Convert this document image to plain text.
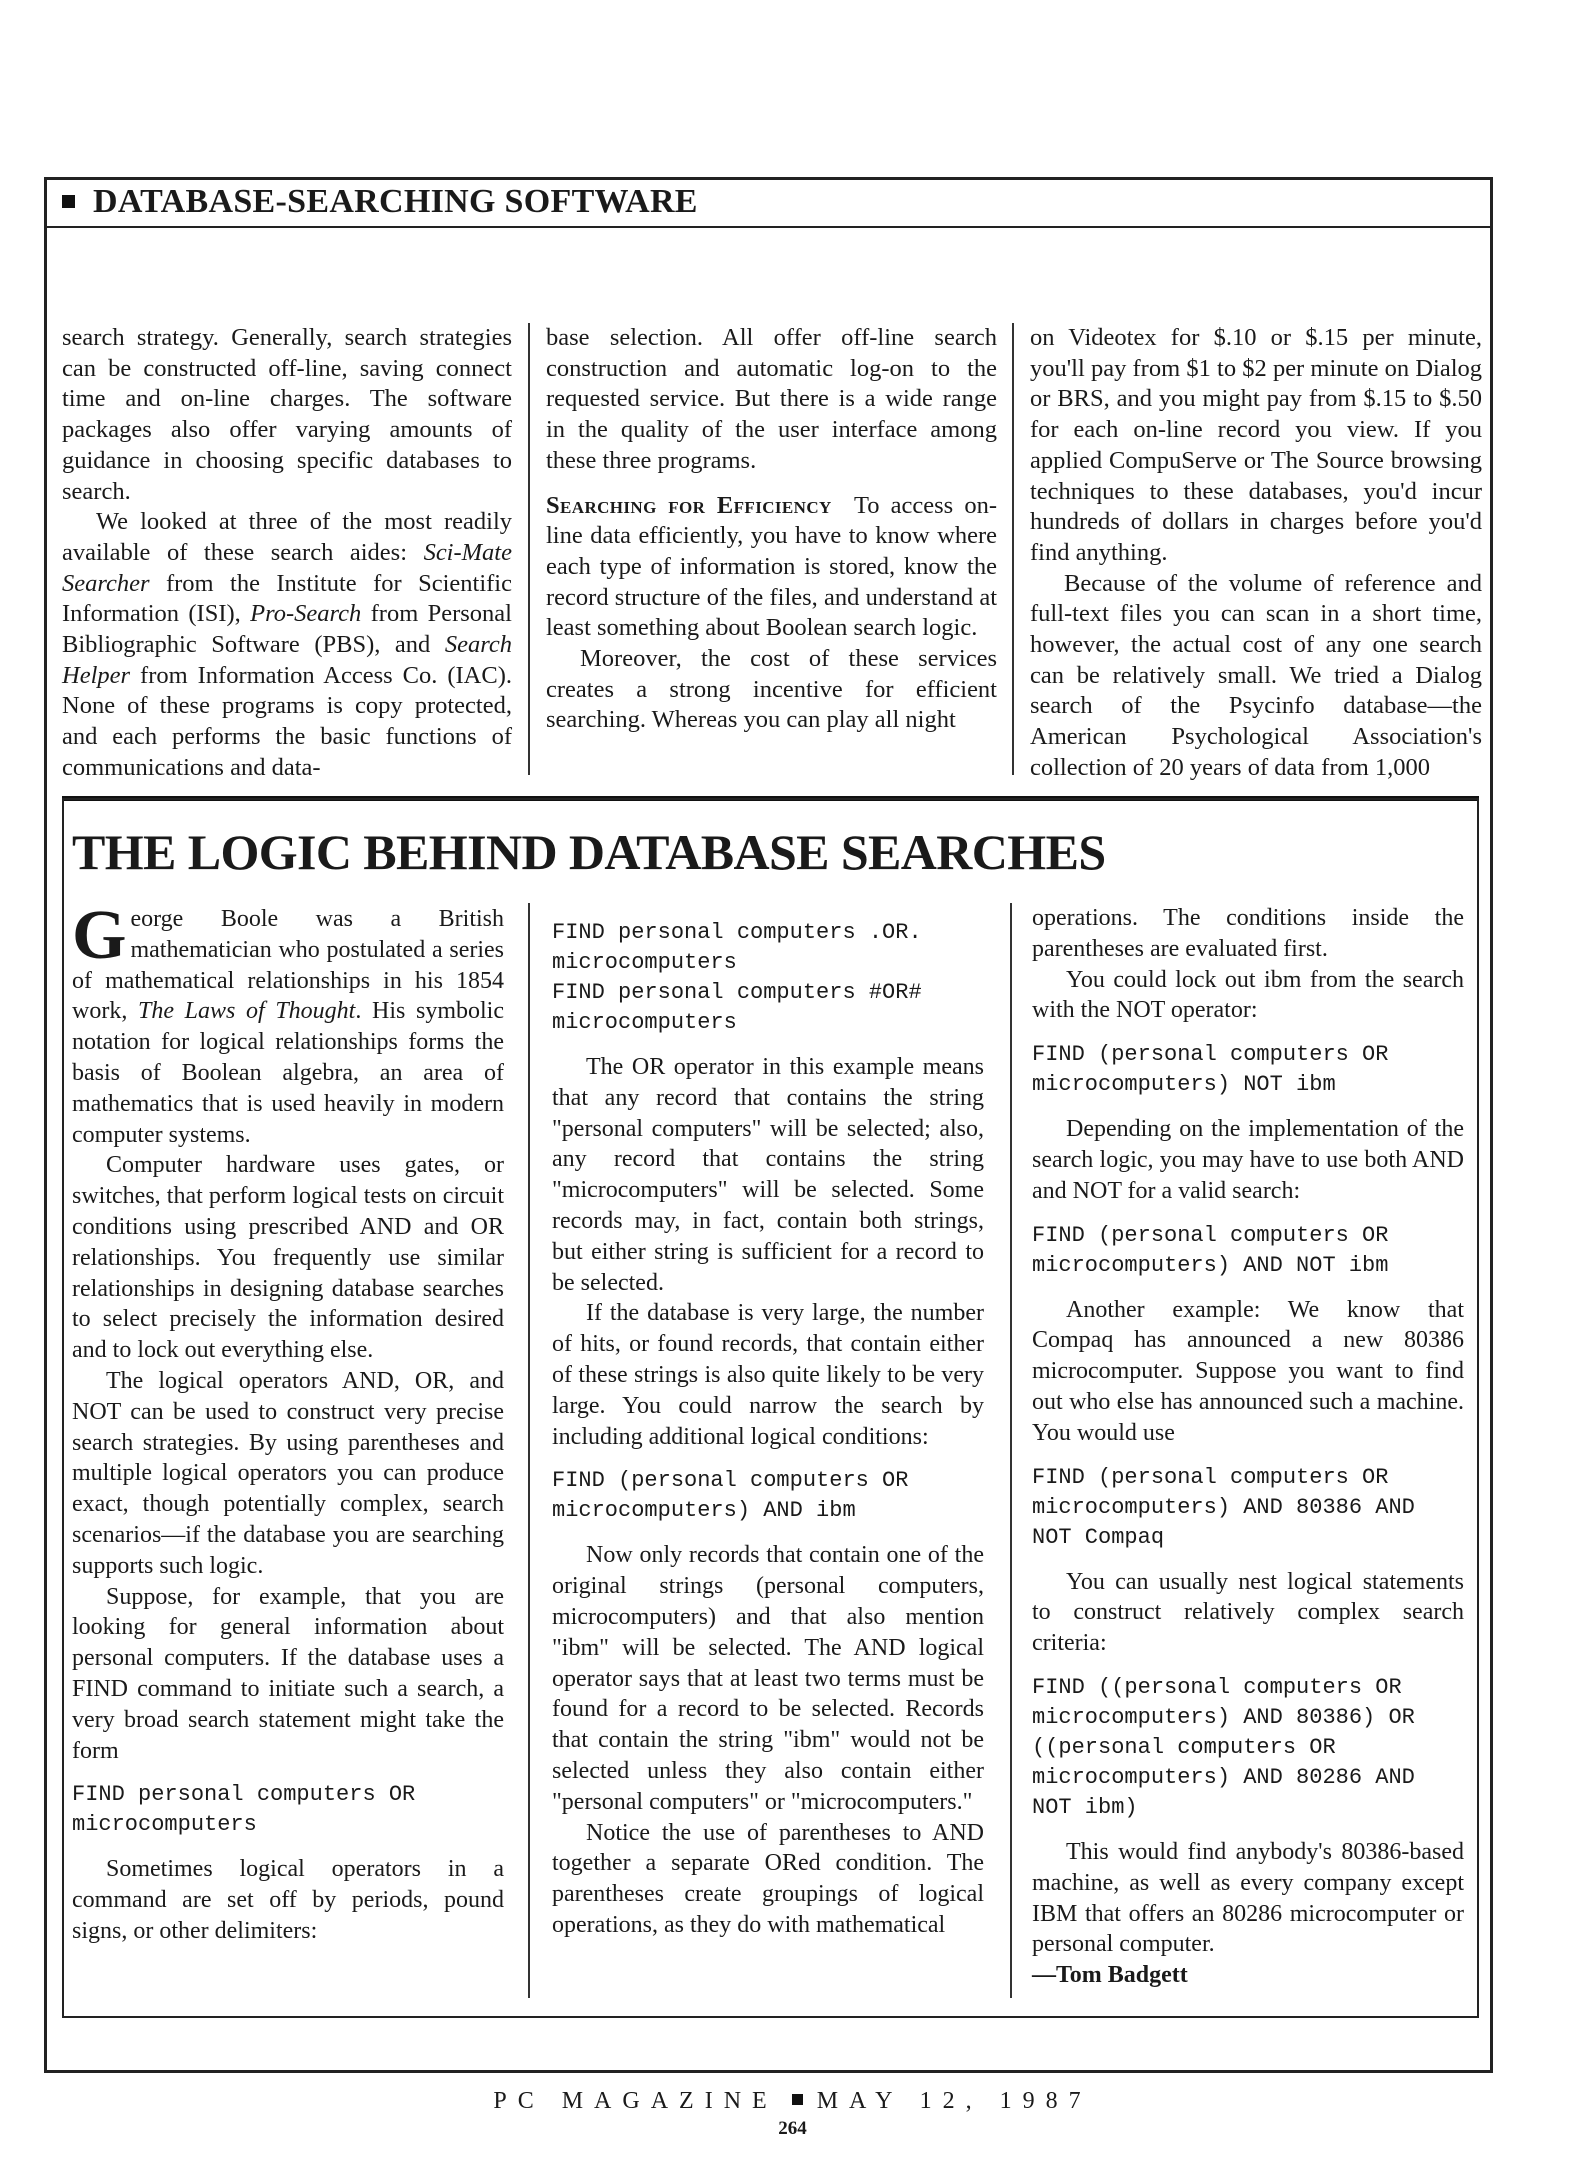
DATABASE-SEARCHING SOFTWARE

search strategy. Generally, search strategies can be constructed off-line, saving connect time and on-line charges. The software packages also offer varying amounts of guidance in choosing specific databases to search.

We looked at three of the most readily available of these search aides: Sci-Mate Searcher from the Institute for Scientific Information (ISI), Pro-Search from Personal Bibliographic Software (PBS), and Search Helper from Information Access Co. (IAC). None of these programs is copy protected, and each performs the basic functions of communications and data-

base selection. All offer off-line search construction and automatic log-on to the requested service. But there is a wide range in the quality of the user interface among these three programs.

Searching for Efficiency To access on-line data efficiently, you have to know where each type of information is stored, know the record structure of the files, and understand at least something about Boolean search logic.

Moreover, the cost of these services creates a strong incentive for efficient searching. Whereas you can play all night

on Videotex for $.10 or $.15 per minute, you'll pay from $1 to $2 per minute on Dialog or BRS, and you might pay from $.15 to $.50 for each on-line record you view. If you applied CompuServe or The Source browsing techniques to these databases, you'd incur hundreds of dollars in charges before you'd find anything.

Because of the volume of reference and full-text files you can scan in a short time, however, the actual cost of any one search can be relatively small. We tried a Dialog search of the Psycinfo database—the American Psychological Association's collection of 20 years of data from 1,000

THE LOGIC BEHIND DATABASE SEARCHES

George Boole was a British mathematician who postulated a series of mathematical relationships in his 1854 work, The Laws of Thought. His symbolic notation for logical relationships forms the basis of Boolean algebra, an area of mathematics that is used heavily in modern computer systems.

Computer hardware uses gates, or switches, that perform logical tests on circuit conditions using prescribed AND and OR relationships. You frequently use similar relationships in designing database searches to select precisely the information desired and to lock out everything else.

The logical operators AND, OR, and NOT can be used to construct very precise search strategies. By using parentheses and multiple logical operators you can produce exact, though potentially complex, search scenarios—if the database you are searching supports such logic.

Suppose, for example, that you are looking for general information about personal computers. If the database uses a FIND command to initiate such a search, a very broad search statement might take the form

FIND personal computers OR
microcomputers

Sometimes logical operators in a command are set off by periods, pound signs, or other delimiters:

FIND personal computers .OR.
microcomputers
FIND personal computers #OR#
microcomputers

The OR operator in this example means that any record that contains the string "personal computers" will be selected; also, any record that contains the string "microcomputers" will be selected. Some records may, in fact, contain both strings, but either string is sufficient for a record to be selected.

If the database is very large, the number of hits, or found records, that contain either of these strings is also quite likely to be very large. You could narrow the search by including additional logical conditions:

FIND (personal computers OR
microcomputers) AND ibm

Now only records that contain one of the original strings (personal computers, microcomputers) and that also mention "ibm" will be selected. The AND logical operator says that at least two terms must be found for a record to be selected. Records that contain the string "ibm" would not be selected unless they also contain either "personal computers" or "microcomputers."

Notice the use of parentheses to AND together a separate ORed condition. The parentheses create groupings of logical operations, as they do with mathematical

operations. The conditions inside the parentheses are evaluated first.

You could lock out ibm from the search with the NOT operator:

FIND (personal computers OR
microcomputers) NOT ibm

Depending on the implementation of the search logic, you may have to use both AND and NOT for a valid search:

FIND (personal computers OR
microcomputers) AND NOT ibm

Another example: We know that Compaq has announced a new 80386 microcomputer. Suppose you want to find out who else has announced such a machine. You would use

FIND (personal computers OR
microcomputers) AND 80386 AND
NOT Compaq

You can usually nest logical statements to construct relatively complex search criteria:

FIND ((personal computers OR
microcomputers) AND 80386) OR
((personal computers OR
microcomputers) AND 80286 AND
NOT ibm)

This would find anybody's 80386-based machine, as well as every company except IBM that offers an 80286 microcomputer or personal computer.

—Tom Badgett

PC MAGAZINE MAY 12, 1987
264
